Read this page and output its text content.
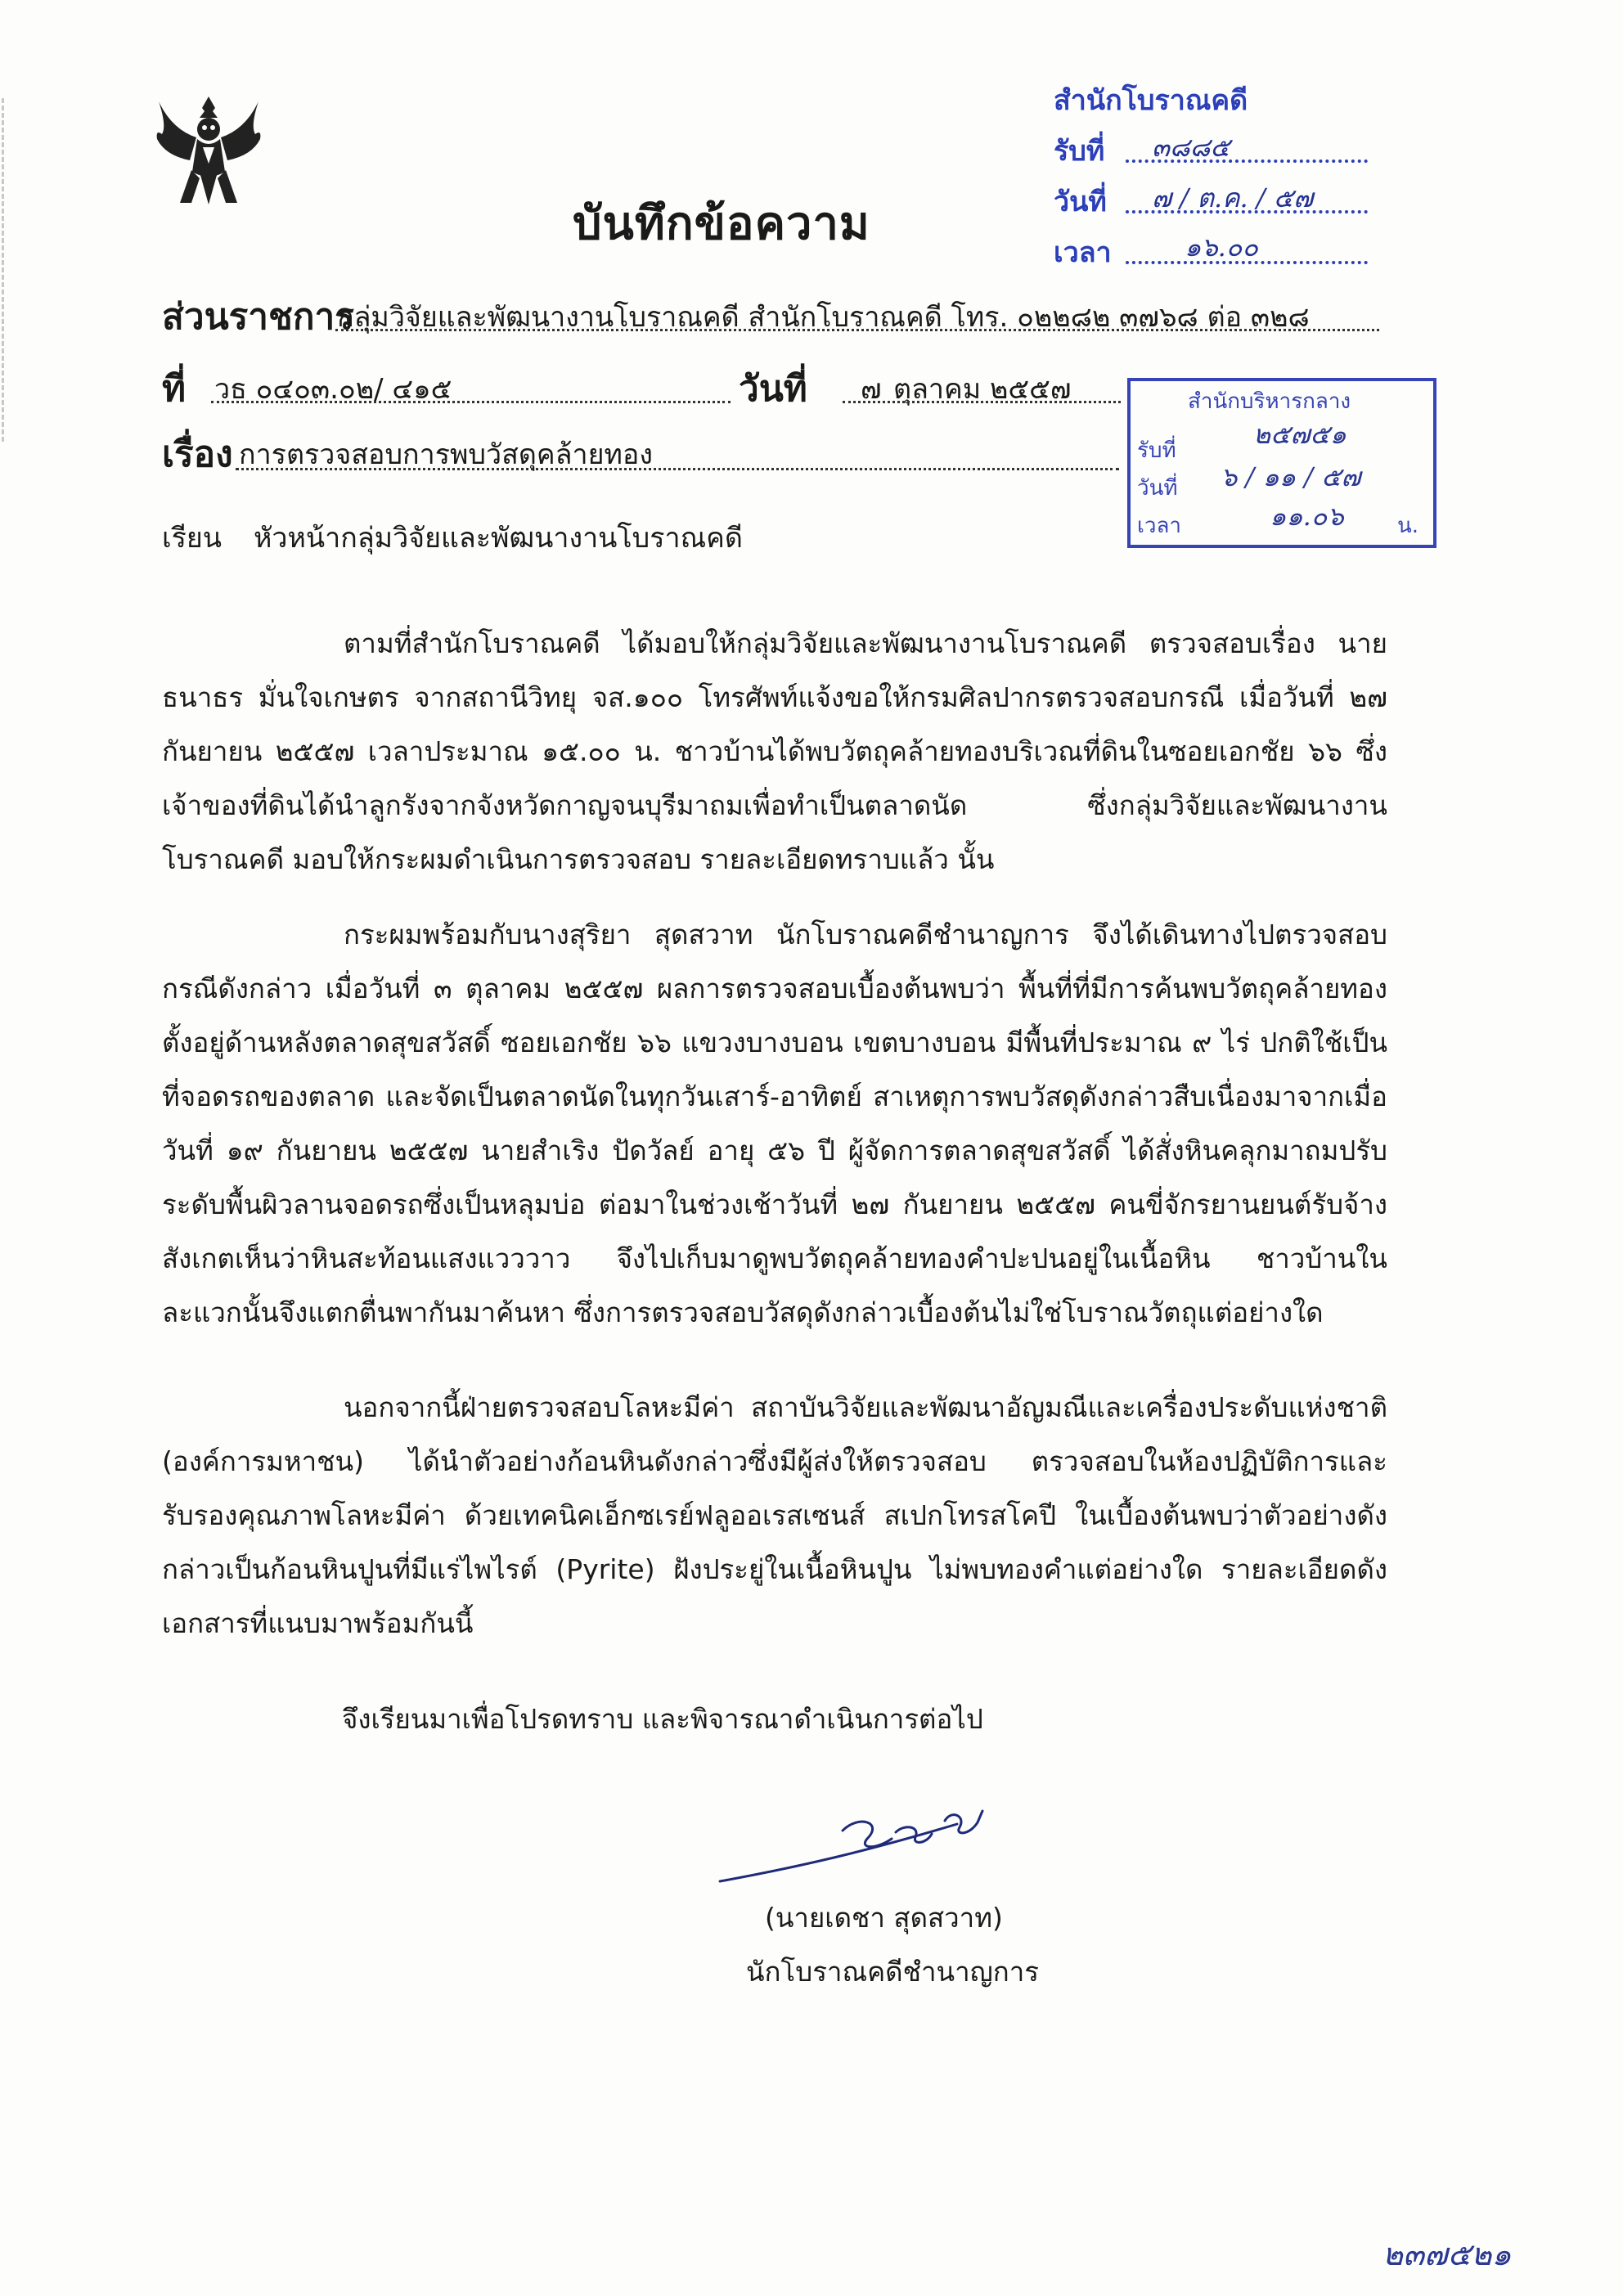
บันทึกข้อความ
สำนักโบราณคดี
รับที่ ๓๘๘๕
วันที่ ๗ / ต.ค. / ๕๗
เวลา	๑๖.๐๐
ส่วนราชการ
กลุ่มวิจัยและพัฒนางานโบราณคดี สำนักโบราณคดี โทร. ๐๒๒๘๒ ๓๗๖๘ ต่อ ๓๒๘
ที่ วธ ๐๔๐๓.๐๒/ ๔๑๕	วันที่ ๗ ตุลาคม ๒๕๕๗
เรื่อง การตรวจสอบการพบวัสดุคล้ายทอง
สำนักบริหารกลาง
รับที่
๒๕๗๕๑
วันที่ ๖ / ๑๑ / ๕๗
เวลา	๑๑.๐๖	น.
เรียน หัวหน้ากลุ่มวิจัยและพัฒนางานโบราณคดี
ตามที่สำนักโบราณคดี ได้มอบให้กลุ่มวิจัยและพัฒนางานโบราณคดี ตรวจสอบเรื่อง นายธนาธร มั่นใจเกษตร จากสถานีวิทยุ จส.๑๐๐ โทรศัพท์แจ้งขอให้กรมศิลปากรตรวจสอบกรณี เมื่อวันที่ ๒๗ กันยายน ๒๕๕๗ เวลาประมาณ ๑๕.๐๐ น. ชาวบ้านได้พบวัตถุคล้ายทองบริเวณที่ดินในซอยเอกชัย ๖๖ ซึ่งเจ้าของที่ดินได้นำลูกรังจากจังหวัดกาญจนบุรีมาถมเพื่อทำเป็นตลาดนัด ซึ่งกลุ่มวิจัยและพัฒนางานโบราณคดี มอบให้กระผมดำเนินการตรวจสอบ รายละเอียดทราบแล้ว นั้น
กระผมพร้อมกับนางสุริยา สุดสวาท นักโบราณคดีชำนาญการ จึงได้เดินทางไปตรวจสอบกรณีดังกล่าว เมื่อวันที่ ๓ ตุลาคม ๒๕๕๗ ผลการตรวจสอบเบื้องต้นพบว่า พื้นที่ที่มีการค้นพบวัตถุคล้ายทองตั้งอยู่ด้านหลังตลาดสุขสวัสดิ์ ซอยเอกชัย ๖๖ แขวงบางบอน เขตบางบอน มีพื้นที่ประมาณ ๙ ไร่ ปกติใช้เป็นที่จอดรถของตลาด และจัดเป็นตลาดนัดในทุกวันเสาร์-อาทิตย์ สาเหตุการพบวัสดุดังกล่าวสืบเนื่องมาจากเมื่อวันที่ ๑๙ กันยายน ๒๕๕๗ นายสำเริง ปัดวัลย์ อายุ ๕๖ ปี ผู้จัดการตลาดสุขสวัสดิ์ ได้สั่งหินคลุกมาถมปรับระดับพื้นผิวลานจอดรถซึ่งเป็นหลุมบ่อ ต่อมาในช่วงเช้าวันที่ ๒๗ กันยายน ๒๕๕๗ คนขี่จักรยานยนต์รับจ้างสังเกตเห็นว่าหินสะท้อนแสงแวววาว จึงไปเก็บมาดูพบวัตถุคล้ายทองคำปะปนอยู่ในเนื้อหิน ชาวบ้านในละแวกนั้นจึงแตกตื่นพากันมาค้นหา ซึ่งการตรวจสอบวัสดุดังกล่าวเบื้องต้นไม่ใช่โบราณวัตถุแต่อย่างใด
นอกจากนี้ฝ่ายตรวจสอบโลหะมีค่า สถาบันวิจัยและพัฒนาอัญมณีและเครื่องประดับแห่งชาติ (องค์การมหาชน) ได้นำตัวอย่างก้อนหินดังกล่าวซึ่งมีผู้ส่งให้ตรวจสอบ ตรวจสอบในห้องปฏิบัติการและรับรองคุณภาพโลหะมีค่า ด้วยเทคนิคเอ็กซเรย์ฟลูออเรสเซนส์ สเปกโทรสโคปี ในเบื้องต้นพบว่าตัวอย่างดังกล่าวเป็นก้อนหินปูนที่มีแร่ไพไรต์ (Pyrite) ฝังประยู่ในเนื้อหินปูน ไม่พบทองคำแต่อย่างใด รายละเอียดดังเอกสารที่แนบมาพร้อมกันนี้
จึงเรียนมาเพื่อโปรดทราบ และพิจารณาดำเนินการต่อไป
(นายเดชา สุดสวาท)
นักโบราณคดีชำนาญการ
๒๓๗๕๒๑
